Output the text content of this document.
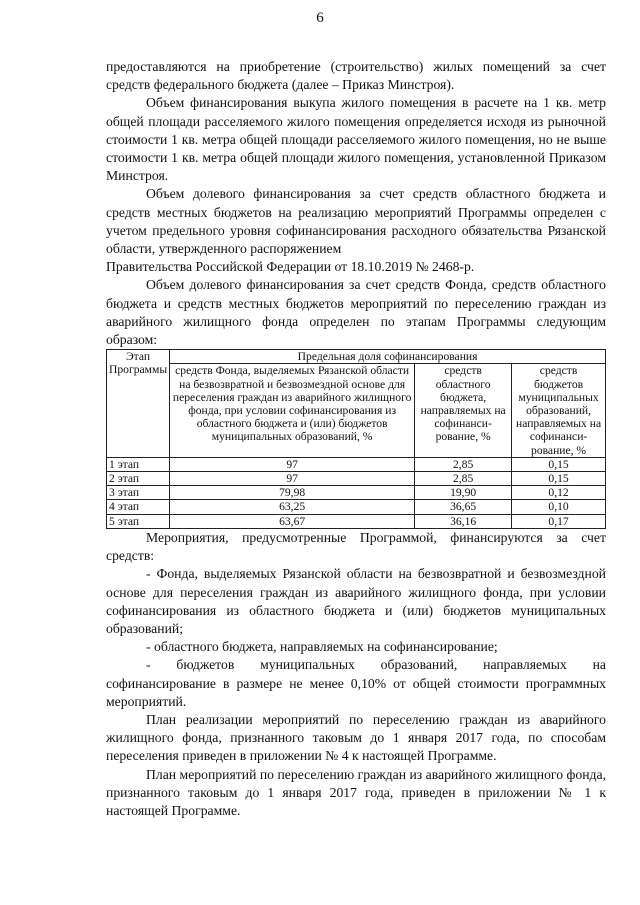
6

предоставляются на приобретение (строительство) жилых помещений за счет средств федерального бюджета (далее – Приказ Минстроя).

Объем финансирования выкупа жилого помещения в расчете на 1 кв. метр общей площади расселяемого жилого помещения определяется исходя из рыночной стоимости 1 кв. метра общей площади расселяемого жилого помещения, но не выше стоимости 1 кв. метра общей площади жилого помещения, установленной Приказом Минстроя.

Объем долевого финансирования за счет средств областного бюджета и средств местных бюджетов на реализацию мероприятий Программы определен с учетом предельного уровня софинансирования расходного обязательства Рязанской области, утвержденного распоряжением

Правительства Российской Федерации от 18.10.2019 № 2468-р.

Объем долевого финансирования за счет средств Фонда, средств областного бюджета и средств местных бюджетов мероприятий по переселению граждан из аварийного жилищного фонда определен по этапам Программы следующим образом:

Этап Программы	Предельная доля софинансирования		
	средств Фонда, выделяемых Рязанской области на безвозвратной и безвозмездной основе для переселения граждан из аварийного жилищного фонда, при условии софинансирования из областного бюджета и (или) бюджетов муниципальных образований, %	средств областного бюджета, направляемых на софинанси-рование, %	средств бюджетов муниципальных образований, направляемых на софинанси-рование, %
1 этап	97	2,85	0,15
2 этап	97	2,85	0,15
3 этап	79,98	19,90	0,12
4 этап	63,25	36,65	0,10
5 этап	63,67	36,16	0,17

Мероприятия, предусмотренные Программой, финансируются за счет средств:

- Фонда, выделяемых Рязанской области на безвозвратной и безвозмездной основе для переселения граждан из аварийного жилищного фонда, при условии софинансирования из областного бюджета и (или) бюджетов муниципальных образований;

- областного бюджета, направляемых на софинансирование;

- бюджетов муниципальных образований, направляемых на софинансирование в размере не менее 0,10% от общей стоимости программных мероприятий.

План реализации мероприятий по переселению граждан из аварийного жилищного фонда, признанного таковым до 1 января 2017 года, по способам переселения приведен в приложении № 4 к настоящей Программе.

План мероприятий по переселению граждан из аварийного жилищного фонда, признанного таковым до 1 января 2017 года, приведен в приложении № 1 к настоящей Программе.
